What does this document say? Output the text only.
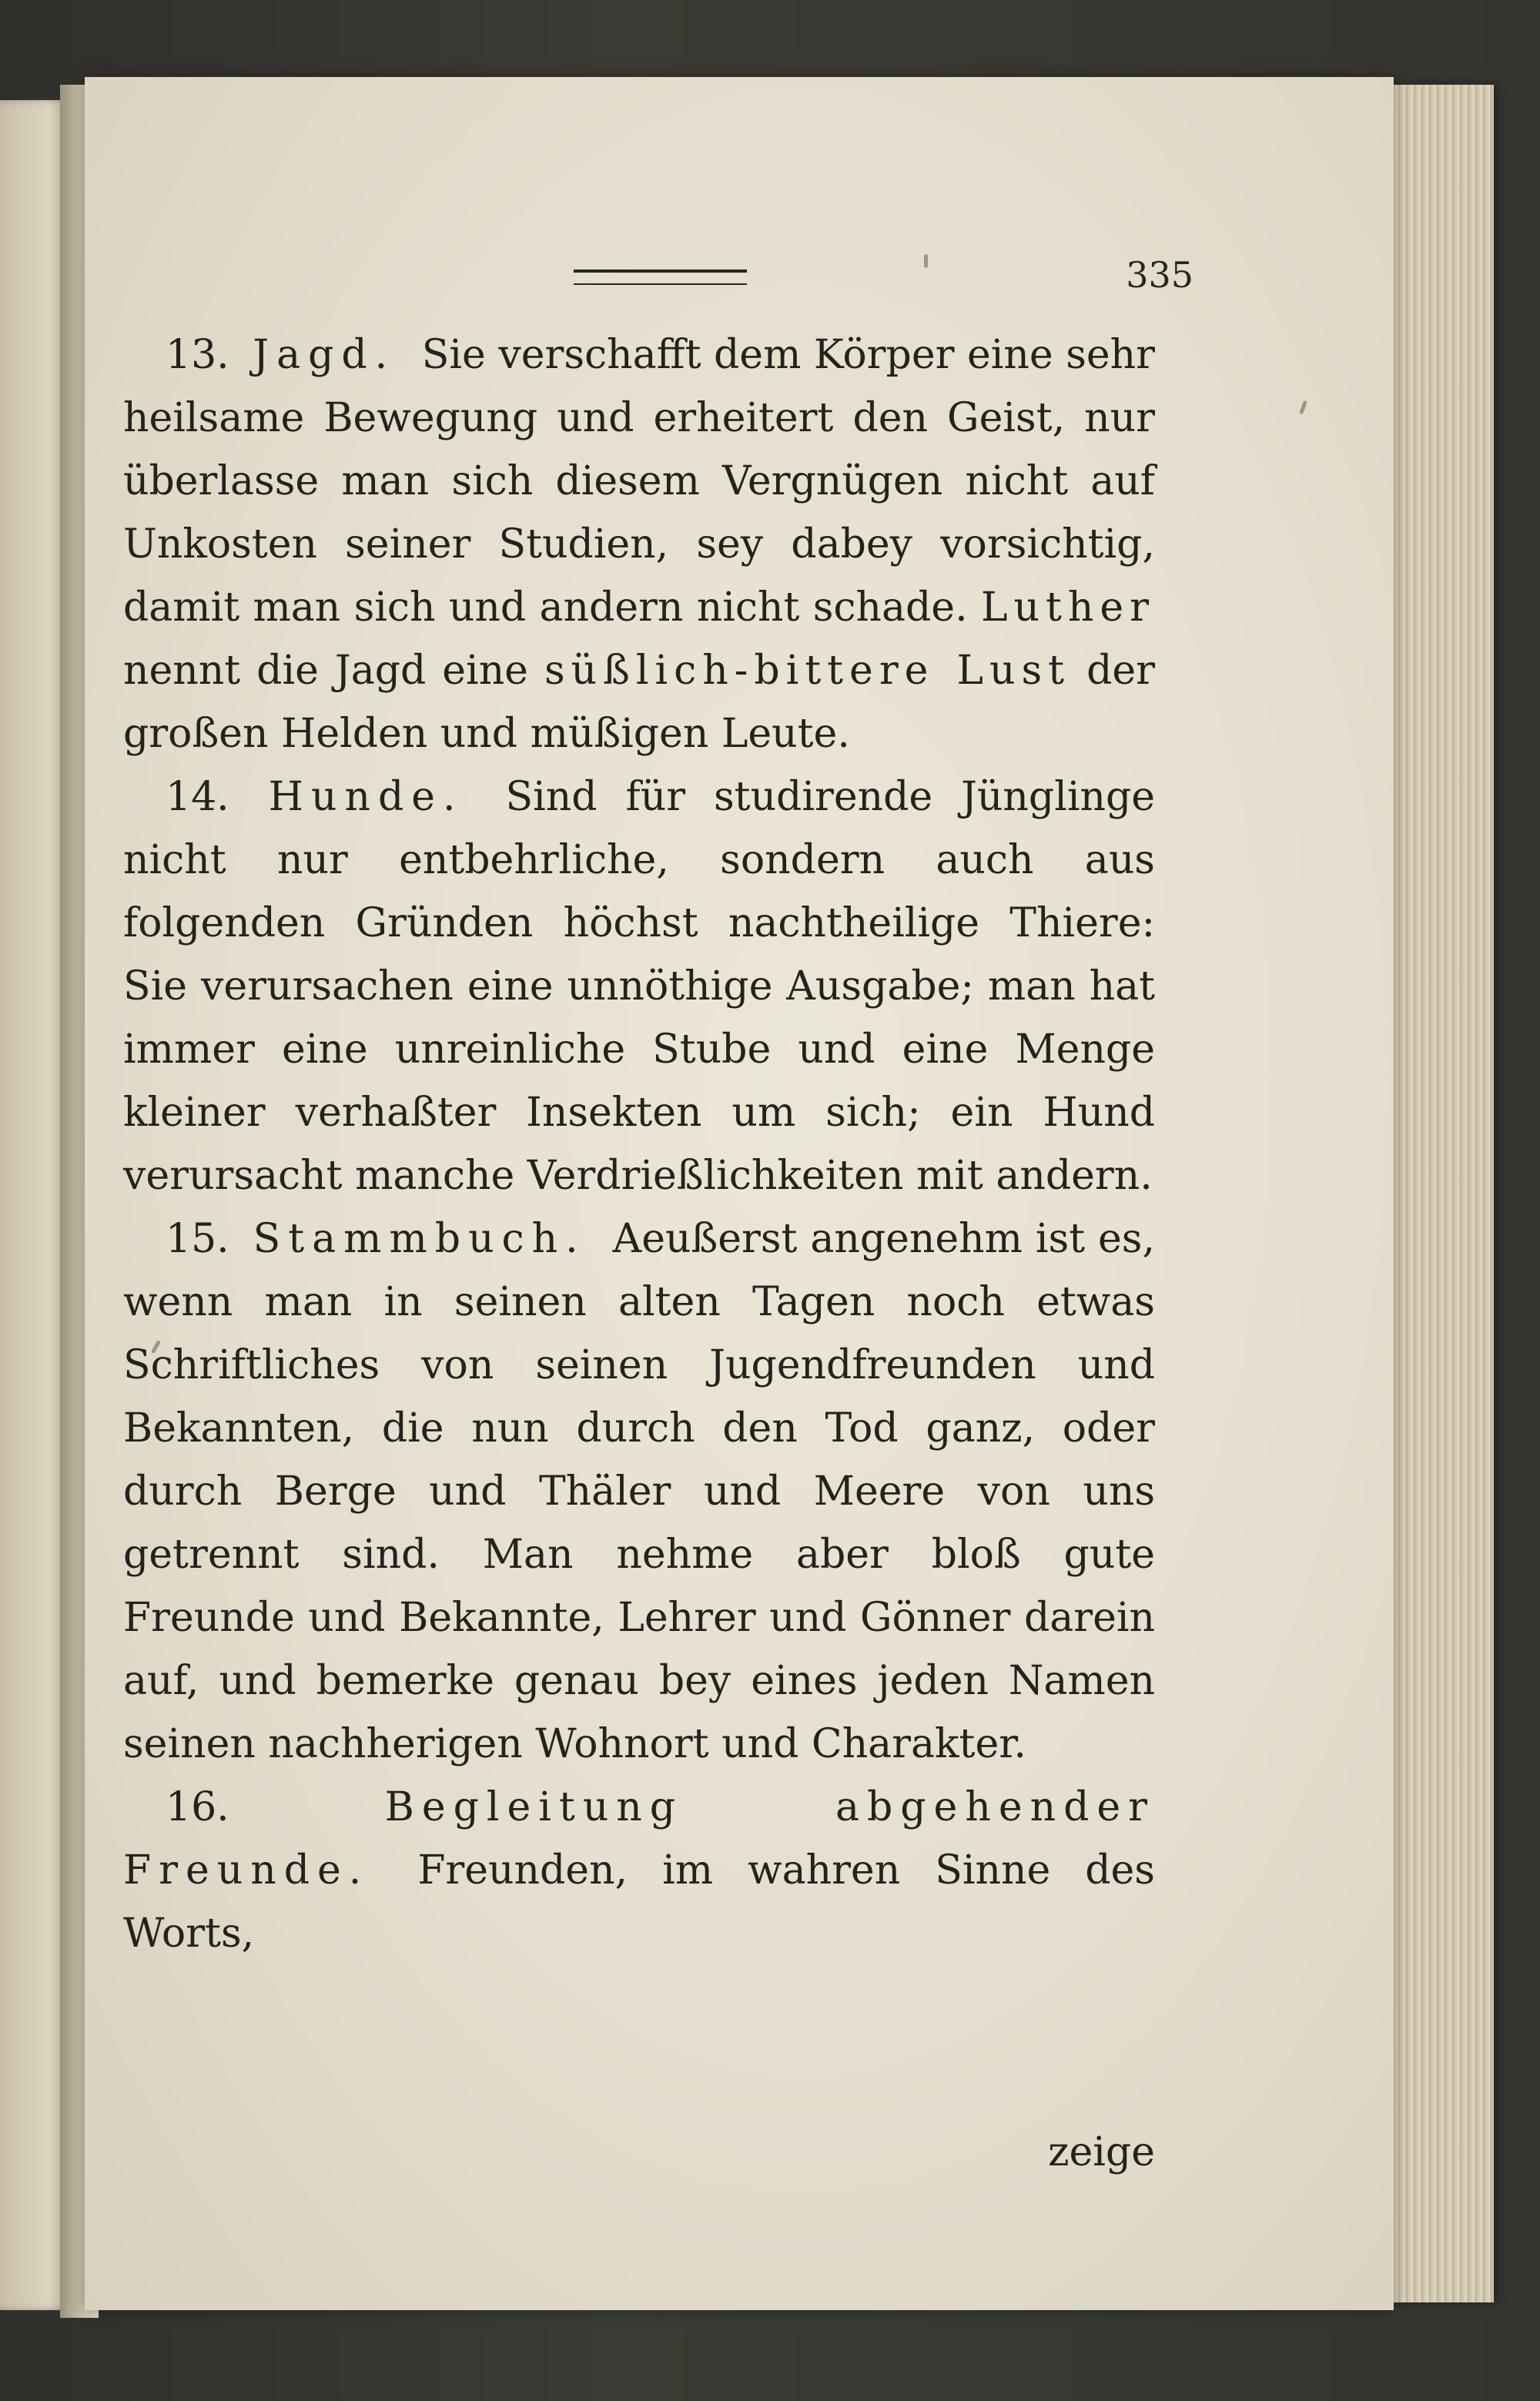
335

13. Jagd. Sie verschafft dem Körper eine sehr heilsame Bewegung und erheitert den Geist, nur überlasse man sich diesem Vergnügen nicht auf Unkosten seiner Studien, sey dabey vorsichtig, damit man sich und andern nicht schade. Luther nennt die Jagd eine süßlich-bittere Lust der großen Helden und müßigen Leute.

14. Hunde. Sind für studirende Jünglinge nicht nur entbehrliche, sondern auch aus folgenden Gründen höchst nachtheilige Thiere: Sie verursachen eine unnöthige Ausgabe; man hat immer eine unreinliche Stube und eine Menge kleiner verhaßter Insekten um sich; ein Hund verursacht manche Verdrießlichkeiten mit andern.

15. Stammbuch. Aeußerst angenehm ist es, wenn man in seinen alten Tagen noch etwas Schriftliches von seinen Jugendfreunden und Bekannten, die nun durch den Tod ganz, oder durch Berge und Thäler und Meere von uns getrennt sind. Man nehme aber bloß gute Freunde und Bekannte, Lehrer und Gönner darein auf, und bemerke genau bey eines jeden Namen seinen nachherigen Wohnort und Charakter.

16.	Begleitung abgehender Freunde. Freunden, im wahren Sinne des Worts,

zeige
